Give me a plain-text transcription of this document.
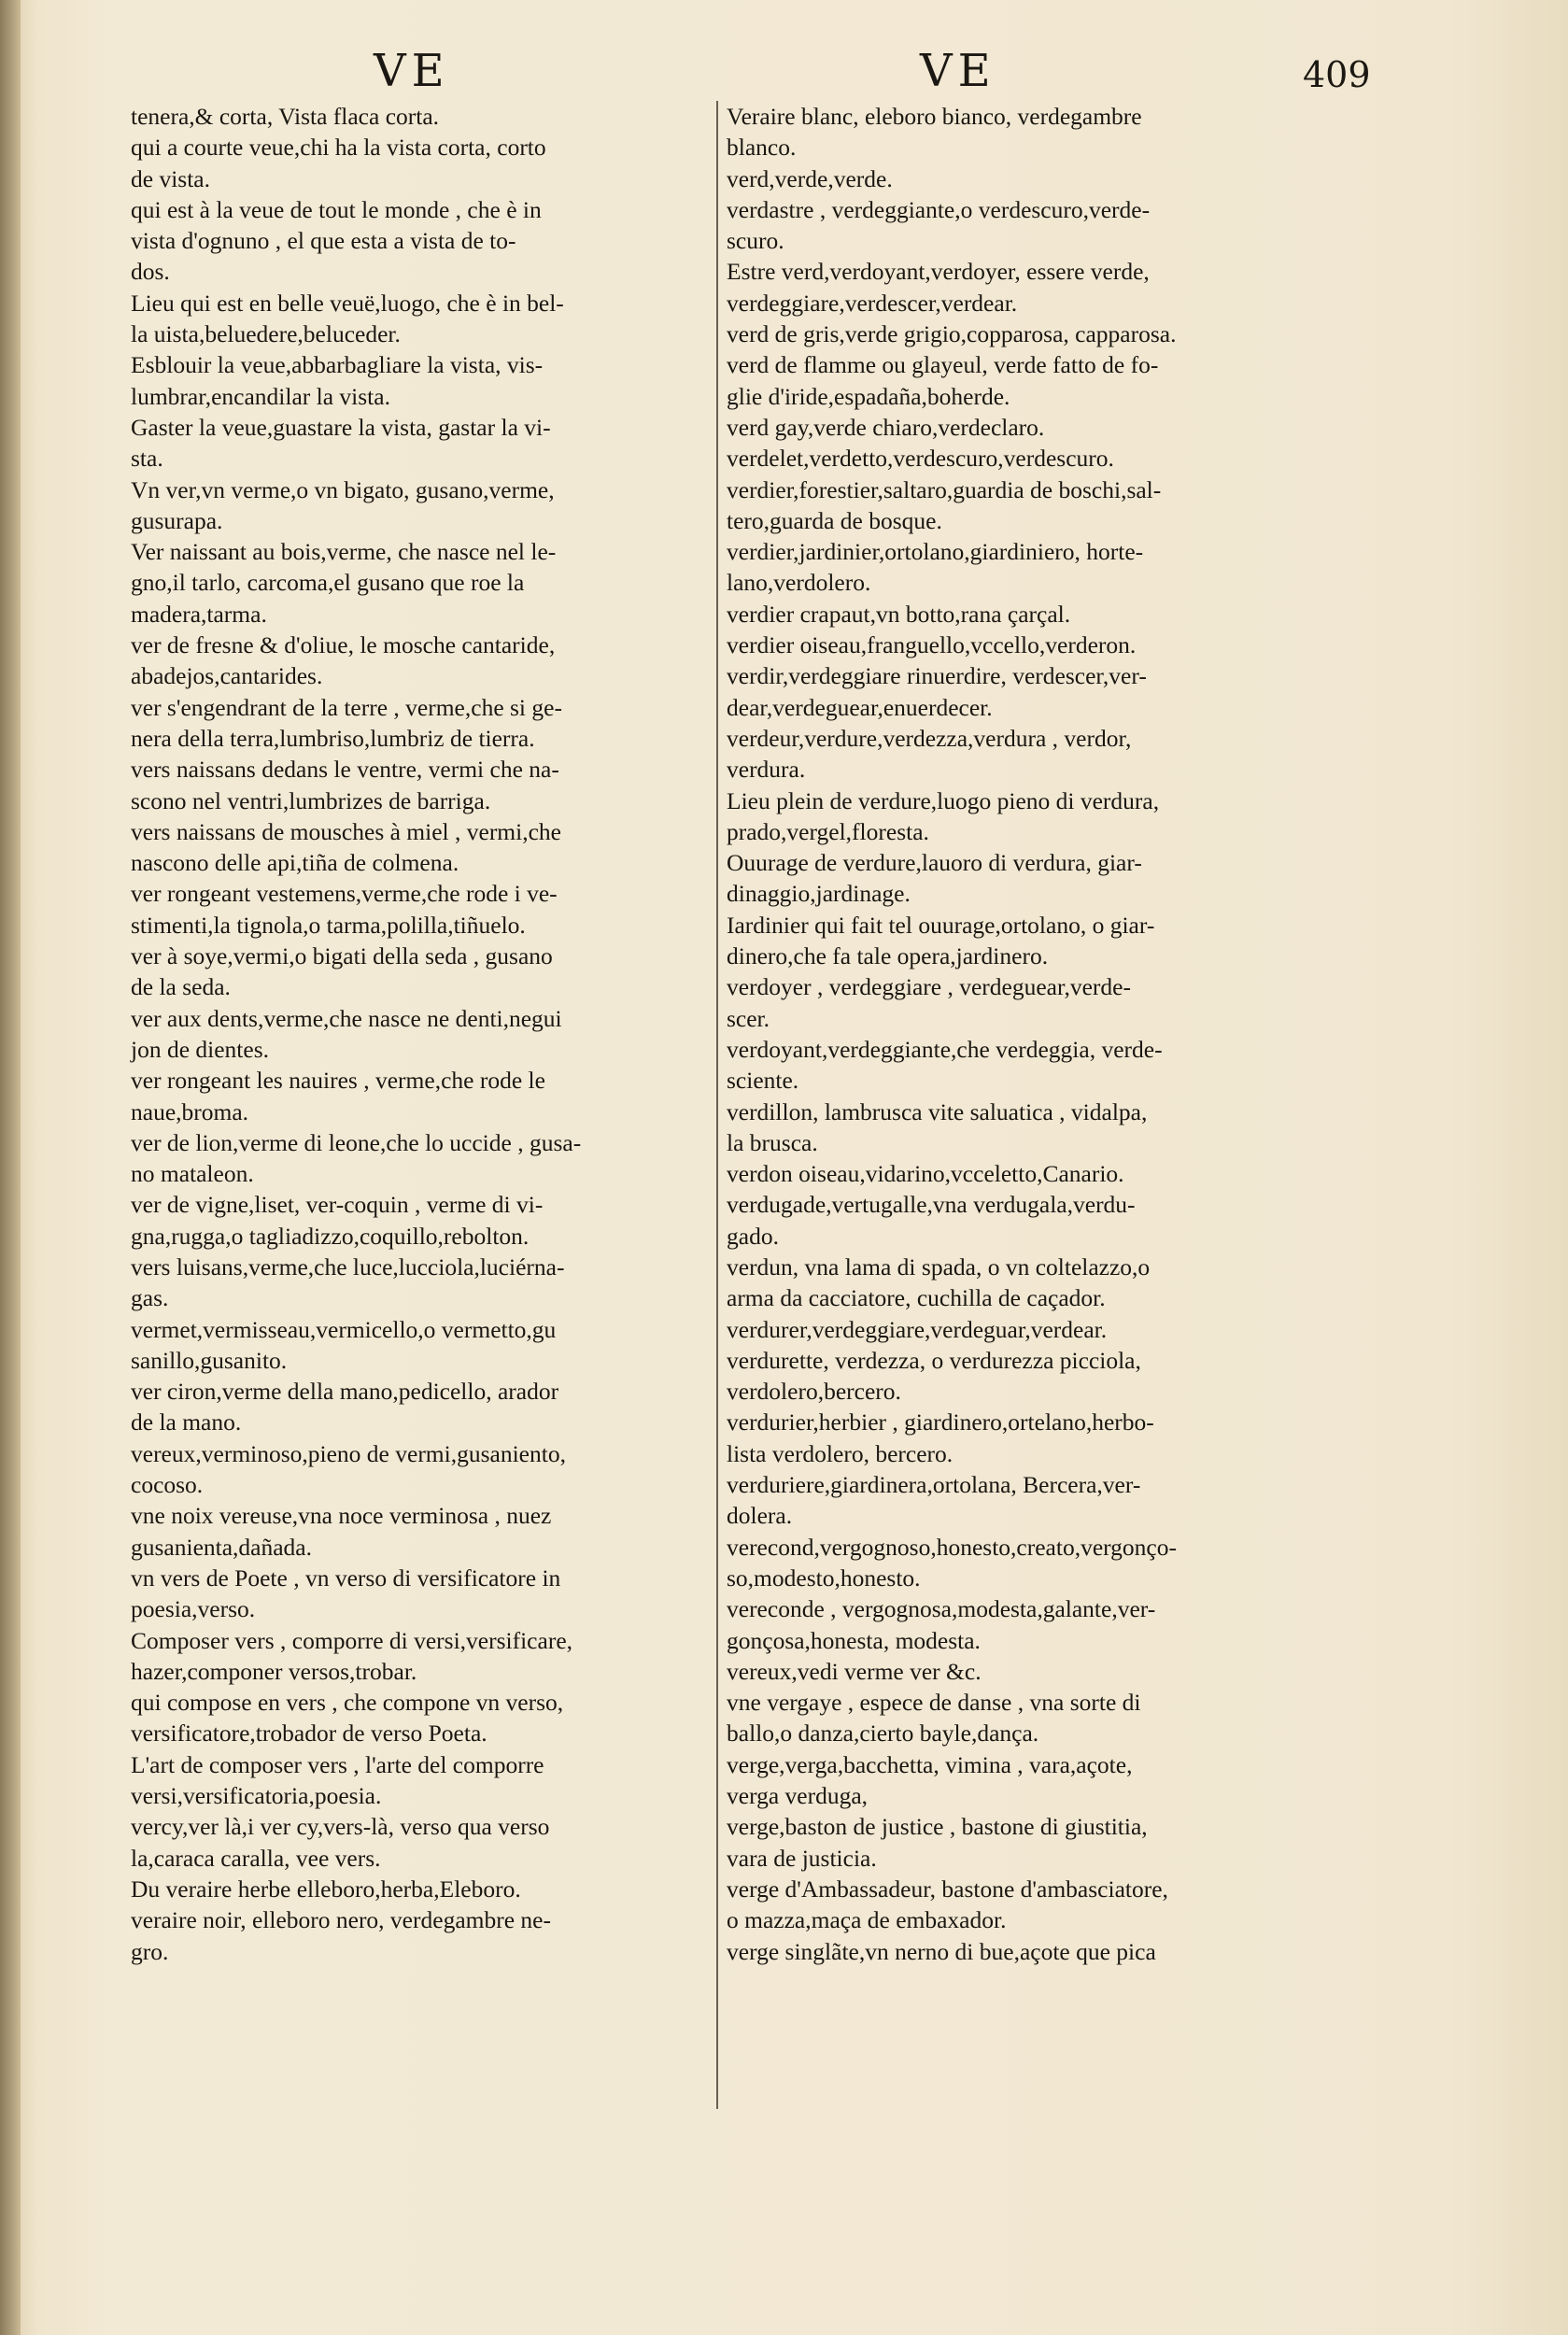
VE	VE	409
tenera,& corta, Vista flaca corta.
qui a courte veue,chi ha la vista corta, corto
de vista.
qui est à la veue de tout le monde , che è in
vista d'ognuno , el que esta a vista de to-
dos.
Lieu qui est en belle veuë,luogo, che è in bel-
la uista,beluedere,beluceder.
Esblouir la veue,abbarbagliare la vista, vis-
lumbrar,encandilar la vista.
Gaster la veue,guastare la vista, gastar la vi-
sta.
Vn ver,vn verme,o vn bigato, gusano,verme,
gusurapa.
Ver naissant au bois,verme, che nasce nel le-
gno,il tarlo, carcoma,el gusano que roe la
madera,tarma.
ver de fresne & d'oliue, le mosche cantaride,
abadejos,cantarides.
ver s'engendrant de la terre , verme,che si ge-
nera della terra,lumbriso,lumbriz de tierra.
vers naissans dedans le ventre, vermi che na-
scono nel ventri,lumbrizes de barriga.
vers naissans de mousches à miel , vermi,che
nascono delle api,tiña de colmena.
ver rongeant vestemens,verme,che rode i ve-
stimenti,la tignola,o tarma,polilla,tiñuelo.
ver à soye,vermi,o bigati della seda , gusano
de la seda.
ver aux dents,verme,che nasce ne denti,negui
jon de dientes.
ver rongeant les nauires , verme,che rode le
naue,broma.
ver de lion,verme di leone,che lo uccide , gusa-
no mataleon.
ver de vigne,liset, ver-coquin , verme di vi-
gna,rugga,o tagliadizzo,coquillo,rebolton.
vers luisans,verme,che luce,lucciola,luciérna-
gas.
vermet,vermisseau,vermicello,o vermetto,gu
sanillo,gusanito.
ver ciron,verme della mano,pedicello, arador
de la mano.
vereux,verminoso,pieno de vermi,gusaniento,
cocoso.
vne noix vereuse,vna noce verminosa , nuez
gusanienta,dañada.
vn vers de Poete , vn verso di versificatore in
poesia,verso.
Composer vers , comporre di versi,versificare,
hazer,componer versos,trobar.
qui compose en vers , che compone vn verso,
versificatore,trobador de verso Poeta.
L'art de composer vers , l'arte del comporre
versi,versificatoria,poesia.
vercy,ver là,i ver cy,vers-là, verso qua verso
la,caraca caralla, vee vers.
Du veraire herbe elleboro,herba,Eleboro.
veraire noir, elleboro nero, verdegambre ne-
gro.
Veraire blanc, eleboro bianco, verdegambre
blanco.
verd,verde,verde.
verdastre , verdeggiante,o verdescuro,verde-
scuro.
Estre verd,verdoyant,verdoyer, essere verde,
verdeggiare,verdescer,verdear.
verd de gris,verde grigio,copparosa, capparosa.
verd de flamme ou glayeul, verde fatto de fo-
glie d'iride,espadaña,boherde.
verd gay,verde chiaro,verdeclaro.
verdelet,verdetto,verdescuro,verdescuro.
verdier,forestier,saltaro,guardia de boschi,sal-
tero,guarda de bosque.
verdier,jardinier,ortolano,giardiniero, horte-
lano,verdolero.
verdier crapaut,vn botto,rana çarçal.
verdier oiseau,franguello,vccello,verderon.
verdir,verdeggiare rinuerdire, verdescer,ver-
dear,verdeguear,enuerdecer.
verdeur,verdure,verdezza,verdura , verdor,
verdura.
Lieu plein de verdure,luogo pieno di verdura,
prado,vergel,floresta.
Ouurage de verdure,lauoro di verdura, giar-
dinaggio,jardinage.
Iardinier qui fait tel ouurage,ortolano, o giar-
dinero,che fa tale opera,jardinero.
verdoyer , verdeggiare , verdeguear,verde-
scer.
verdoyant,verdeggiante,che verdeggia, verde-
sciente.
verdillon, lambrusca vite saluatica , vidalpa,
la brusca.
verdon oiseau,vidarino,vcceletto,Canario.
verdugade,vertugalle,vna verdugala,verdu-
gado.
verdun, vna lama di spada, o vn coltelazzo,o
arma da cacciatore, cuchilla de caçador.
verdurer,verdeggiare,verdeguar,verdear.
verdurette, verdezza, o verdurezza picciola,
verdolero,bercero.
verdurier,herbier , giardinero,ortelano,herbo-
lista verdolero, bercero.
verduriere,giardinera,ortolana, Bercera,ver-
dolera.
verecond,vergognoso,honesto,creato,vergonço-
so,modesto,honesto.
vereconde , vergognosa,modesta,galante,ver-
gonçosa,honesta, modesta.
vereux,vedi verme ver &c.
vne vergaye , espece de danse , vna sorte di
ballo,o danza,cierto bayle,dança.
verge,verga,bacchetta, vimina , vara,açote,
verga verduga,
verge,baston de justice , bastone di giustitia,
vara de justicia.
verge d'Ambassadeur, bastone d'ambasciatore,
o mazza,maça de embaxador.
verge singlãte,vn nerno di bue,açote que pica
